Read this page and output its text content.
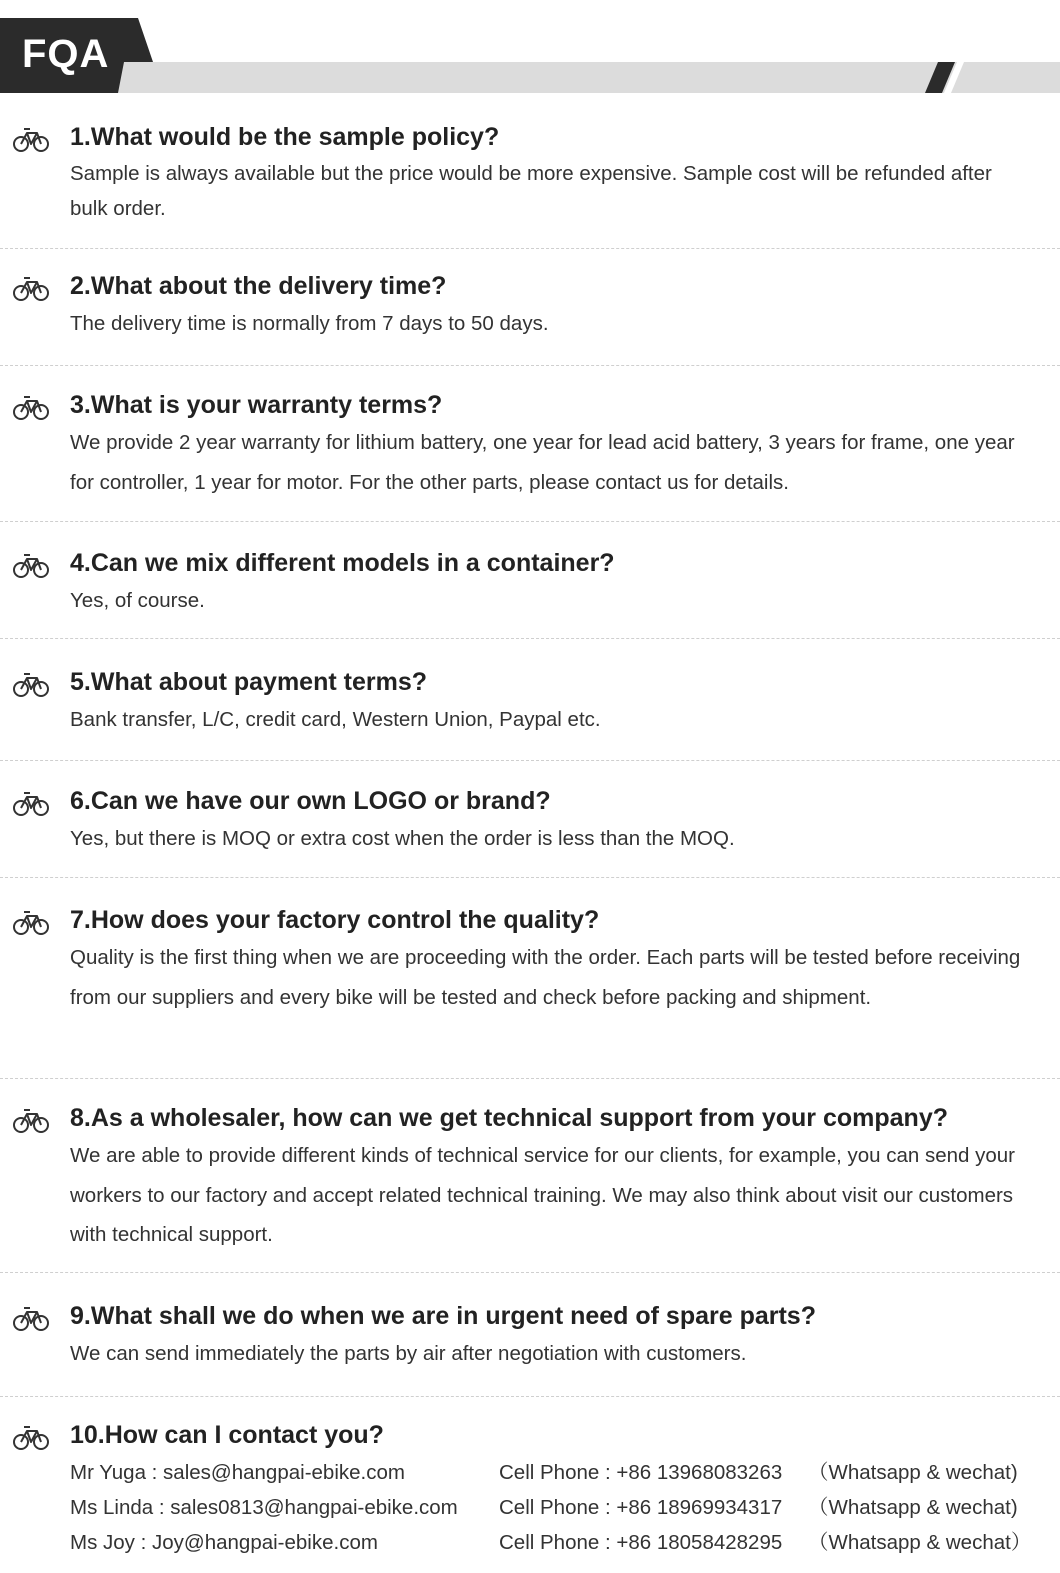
FQA
1.What would be the sample policy?
Sample is always available but the price would be more expensive. Sample cost will be refunded after bulk order.
2.What about the delivery time?
The delivery time is normally from 7 days to 50 days.
3.What is your warranty terms?
We provide 2 year warranty for lithium battery, one year for lead acid battery, 3 years for frame, one year for controller, 1 year for motor. For the other parts, please contact us for details.
4.Can we mix different models in a container?
Yes, of course.
5.What about payment terms?
Bank transfer, L/C, credit card, Western Union, Paypal etc.
6.Can we have our own LOGO or brand?
Yes, but there is MOQ or extra cost when the order is less than the MOQ.
7.How does your factory control the quality?
Quality is the first thing when we are proceeding with the order. Each parts will be tested before receiving from our suppliers and every bike will be tested and check before packing and shipment.
8.As a wholesaler, how can we get technical support from your company?
We are able to provide different kinds of technical service for our clients, for example, you can send your workers to our factory and accept related technical training. We may also think about visit our customers with technical support.
9.What shall we do when we are in urgent need of spare parts?
We can send immediately the parts by air after negotiation with customers.
10.How can I contact you?
Mr Yuga : sales@hangpai-ebike.com	Cell Phone : +86 13968083263 （Whatsapp & wechat)
Ms Linda : sales0813@hangpai-ebike.com Cell Phone : +86 18969934317 （Whatsapp & wechat)
Ms Joy : Joy@hangpai-ebike.com	Cell Phone : +86 18058428295 （Whatsapp & wechat）
